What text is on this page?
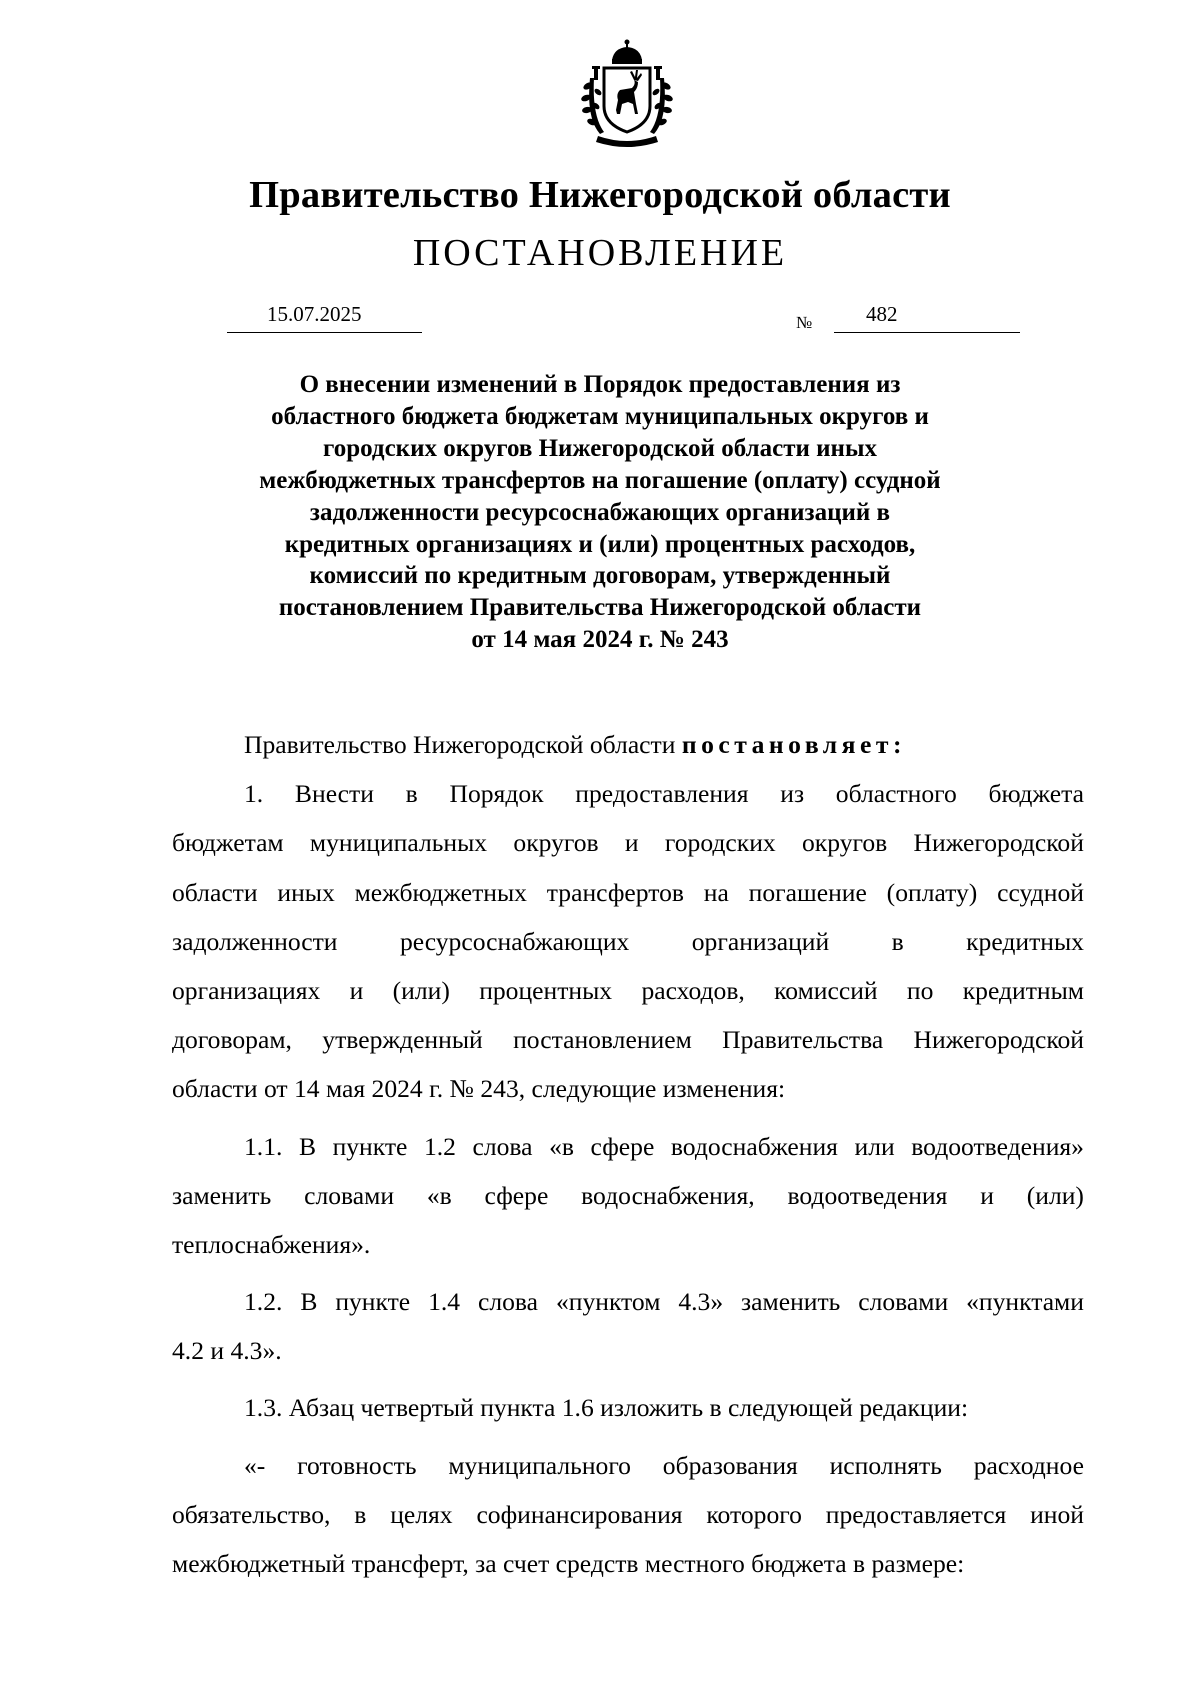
Правительство Нижегородской области
ПОСТАНОВЛЕНИЕ
15.07.2025	№	482
О внесении изменений в Порядок предоставления из
областного бюджета бюджетам муниципальных округов и
городских округов Нижегородской области иных
межбюджетных трансфертов на погашение (оплату) ссудной
задолженности ресурсоснабжающих организаций в
кредитных организациях и (или) процентных расходов,
комиссий по кредитным договорам, утвержденный
постановлением Правительства Нижегородской области
от 14 мая 2024 г. № 243
Правительство Нижегородской области постановляет:
1. Внести в Порядок предоставления из областного бюджета
бюджетам муниципальных округов и городских округов Нижегородской
области иных межбюджетных трансфертов на погашение (оплату) ссудной
задолженности ресурсоснабжающих организаций в кредитных
организациях и (или) процентных расходов, комиссий по кредитным
договорам, утвержденный постановлением Правительства Нижегородской
области от 14 мая 2024 г. № 243, следующие изменения:
1.1. В пункте 1.2 слова «в сфере водоснабжения или водоотведения»
заменить словами «в сфере водоснабжения, водоотведения и (или)
теплоснабжения».
1.2. В пункте 1.4 слова «пунктом 4.3» заменить словами «пунктами
4.2 и 4.3».
1.3. Абзац четвертый пункта 1.6 изложить в следующей редакции:
«- готовность муниципального образования исполнять расходное
обязательство, в целях софинансирования которого предоставляется иной
межбюджетный трансферт, за счет средств местного бюджета в размере:
